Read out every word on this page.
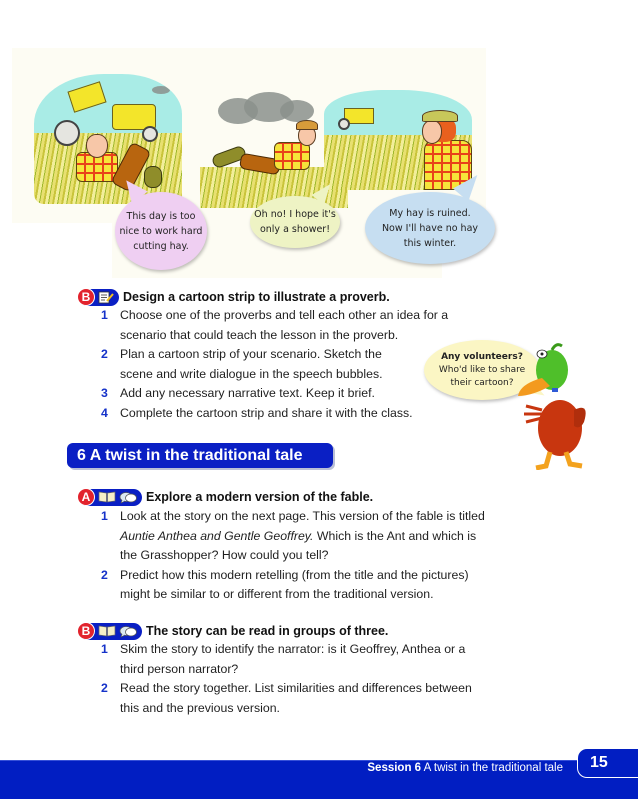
This day is too
nice to work hard
cutting hay.
Oh no! I hope it's
only a shower!
My hay is ruined.
Now I'll have no hay
this winter.
B	Design a cartoon strip to illustrate a proverb.
1 Choose one of the proverbs and tell each other an idea for a
scenario that could teach the lesson in the proverb.
2 Plan a cartoon strip of your scenario. Sketch the
scene and write dialogue in the speech bubbles.
3 Add any necessary narrative text. Keep it brief.
4 Complete the cartoon strip and share it with the class.
Any volunteers?
Who'd like to share
their cartoon?
6 A twist in the traditional tale
A	Explore a modern version of the fable.
1 Look at the story on the next page. This version of the fable is titled
Auntie Anthea and Gentle Geoffrey. Which is the Ant and which is
the Grasshopper? How could you tell?
2 Predict how this modern retelling (from the title and the pictures)
might be similar to or different from the traditional version.
B	The story can be read in groups of three.
1 Skim the story to identify the narrator: is it Geoffrey, Anthea or a
third person narrator?
2 Read the story together. List similarities and differences between
this and the previous version.
Session 6 A twist in the traditional tale 15
